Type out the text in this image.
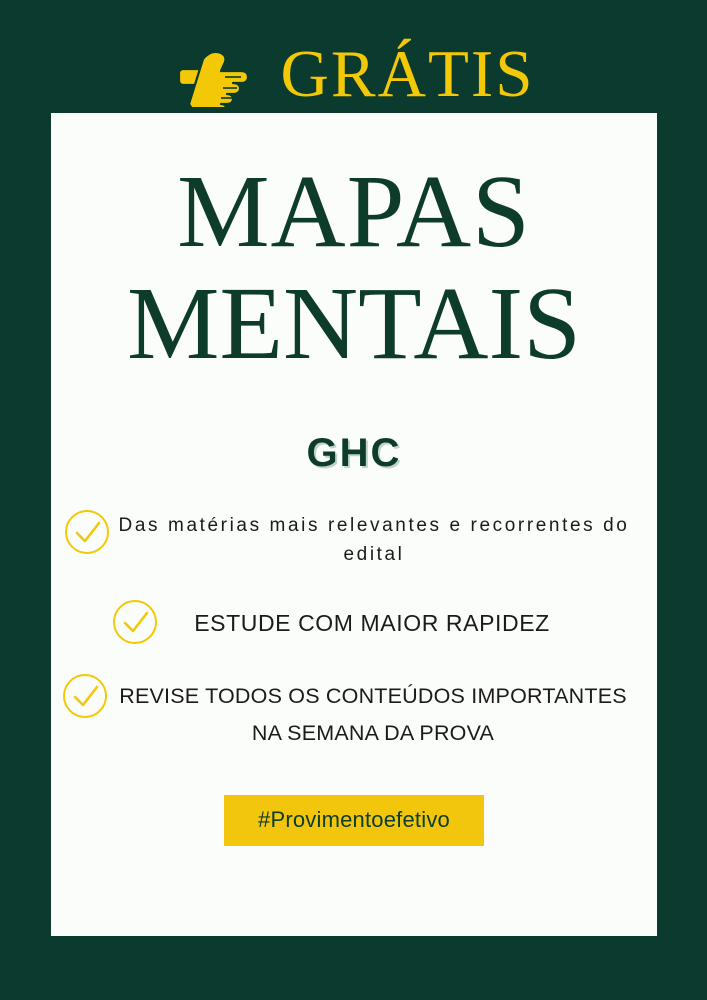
GRÁTIS
MAPAS
MENTAIS
GHC
Das matérias mais relevantes e recorrentes do edital
ESTUDE COM MAIOR RAPIDEZ
REVISE TODOS OS CONTEÚDOS IMPORTANTES NA SEMANA DA PROVA
#Provimentoefetivo
